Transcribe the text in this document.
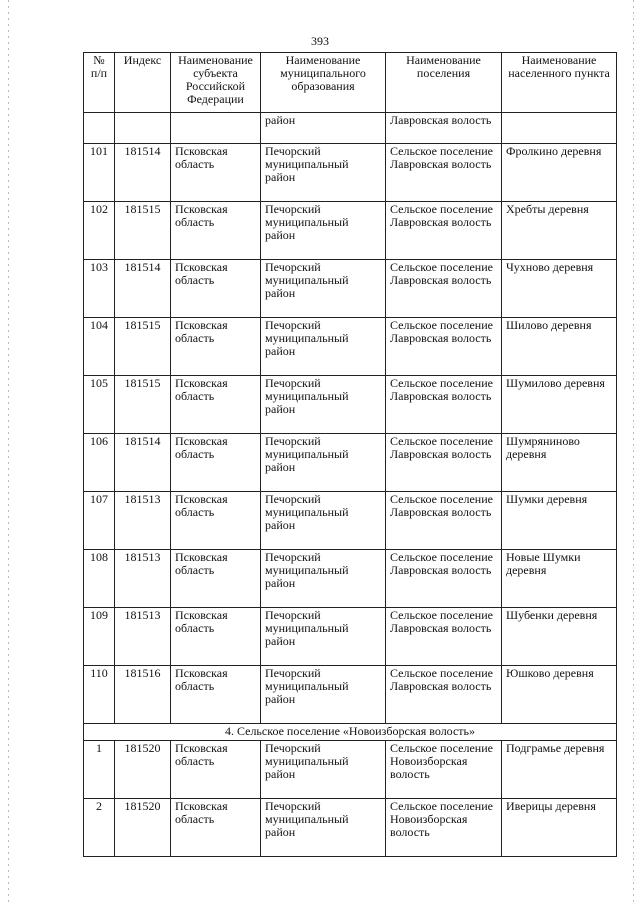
393
№ п/п	Индекс	Наименование субъекта Российской Федерации	Наименование муниципального образования	Наименование поселения	Наименование населенного пункта
			район	Лавровская волость	
101	181514	Псковская область	Печорский муниципальный район	Сельское поселение Лавровская волость	Фролкино деревня
102	181515	Псковская область	Печорский муниципальный район	Сельское поселение Лавровская волость	Хребты деревня
103	181514	Псковская область	Печорский муниципальный район	Сельское поселение Лавровская волость	Чухново деревня
104	181515	Псковская область	Печорский муниципальный район	Сельское поселение Лавровская волость	Шилово деревня
105	181515	Псковская область	Печорский муниципальный район	Сельское поселение Лавровская волость	Шумилово деревня
106	181514	Псковская область	Печорский муниципальный район	Сельское поселение Лавровская волость	Шумряниново деревня
107	181513	Псковская область	Печорский муниципальный район	Сельское поселение Лавровская волость	Шумки деревня
108	181513	Псковская область	Печорский муниципальный район	Сельское поселение Лавровская волость	Новые Шумки деревня
109	181513	Псковская область	Печорский муниципальный район	Сельское поселение Лавровская волость	Шубенки деревня
110	181516	Псковская область	Печорский муниципальный район	Сельское поселение Лавровская волость	Юшково деревня
4. Сельское поселение «Новоизборская волость»					
1	181520	Псковская область	Печорский муниципальный район	Сельское поселение Новоизборская волость	Подграмье деревня
2	181520	Псковская область	Печорский муниципальный район	Сельское поселение Новоизборская волость	Иверицы деревня
